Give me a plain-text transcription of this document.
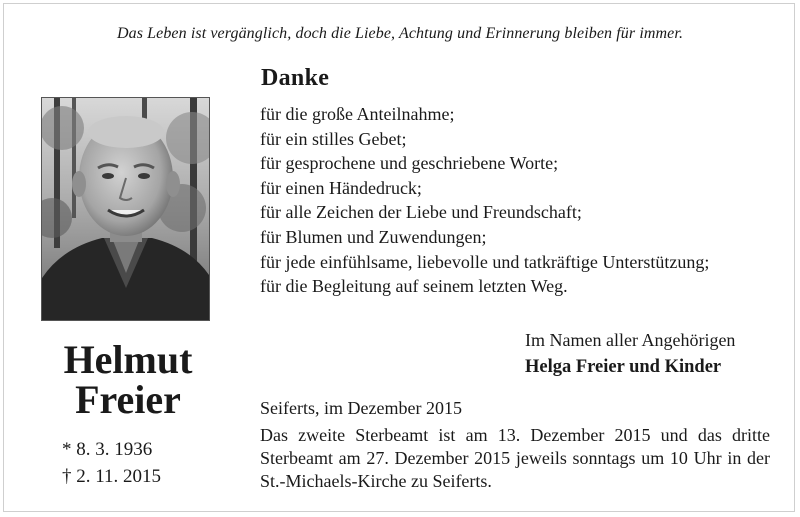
Das Leben ist vergänglich, doch die Liebe, Achtung und Erinnerung bleiben für immer.
Helmut
Freier
* 8. 3. 1936
† 2. 11. 2015
Danke
für die große Anteilnahme;
für ein stilles Gebet;
für gesprochene und geschriebene Worte;
für einen Händedruck;
für alle Zeichen der Liebe und Freundschaft;
für Blumen und Zuwendungen;
für jede einfühlsame, liebevolle und tatkräftige Unterstützung;
für die Begleitung auf seinem letzten Weg.
Im Namen aller Angehörigen
Helga Freier und Kinder
Seiferts, im Dezember 2015
Das zweite Sterbeamt ist am 13. Dezember 2015 und das dritte Sterbeamt am 27. Dezember 2015 jeweils sonntags um 10 Uhr in der St.-Michaels-Kirche zu Seiferts.
